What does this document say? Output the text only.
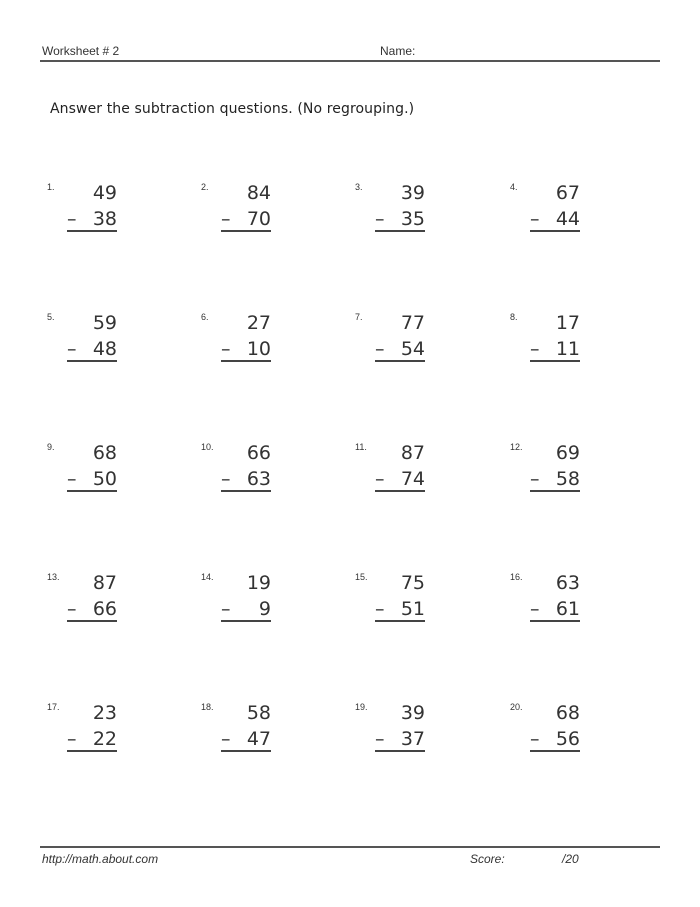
Worksheet # 2	Name:
Answer the subtraction questions. (No regrouping.)
1.	49
– 38
2.	84
– 70
3.	39
– 35
4.	67
– 44
5.	59
– 48
6.	27
– 10
7.	77
– 54
8.	17
– 11
9.	68
– 50
10.	66
– 63
11.	87
– 74
12.	69
– 58
13.	87
– 66
14.	19
– 9
15.	75
– 51
16.	63
– 61
17.	23
– 22
18.	58
– 47
19.	39
– 37
20.	68
– 56
http://math.about.com	Score:	/20
